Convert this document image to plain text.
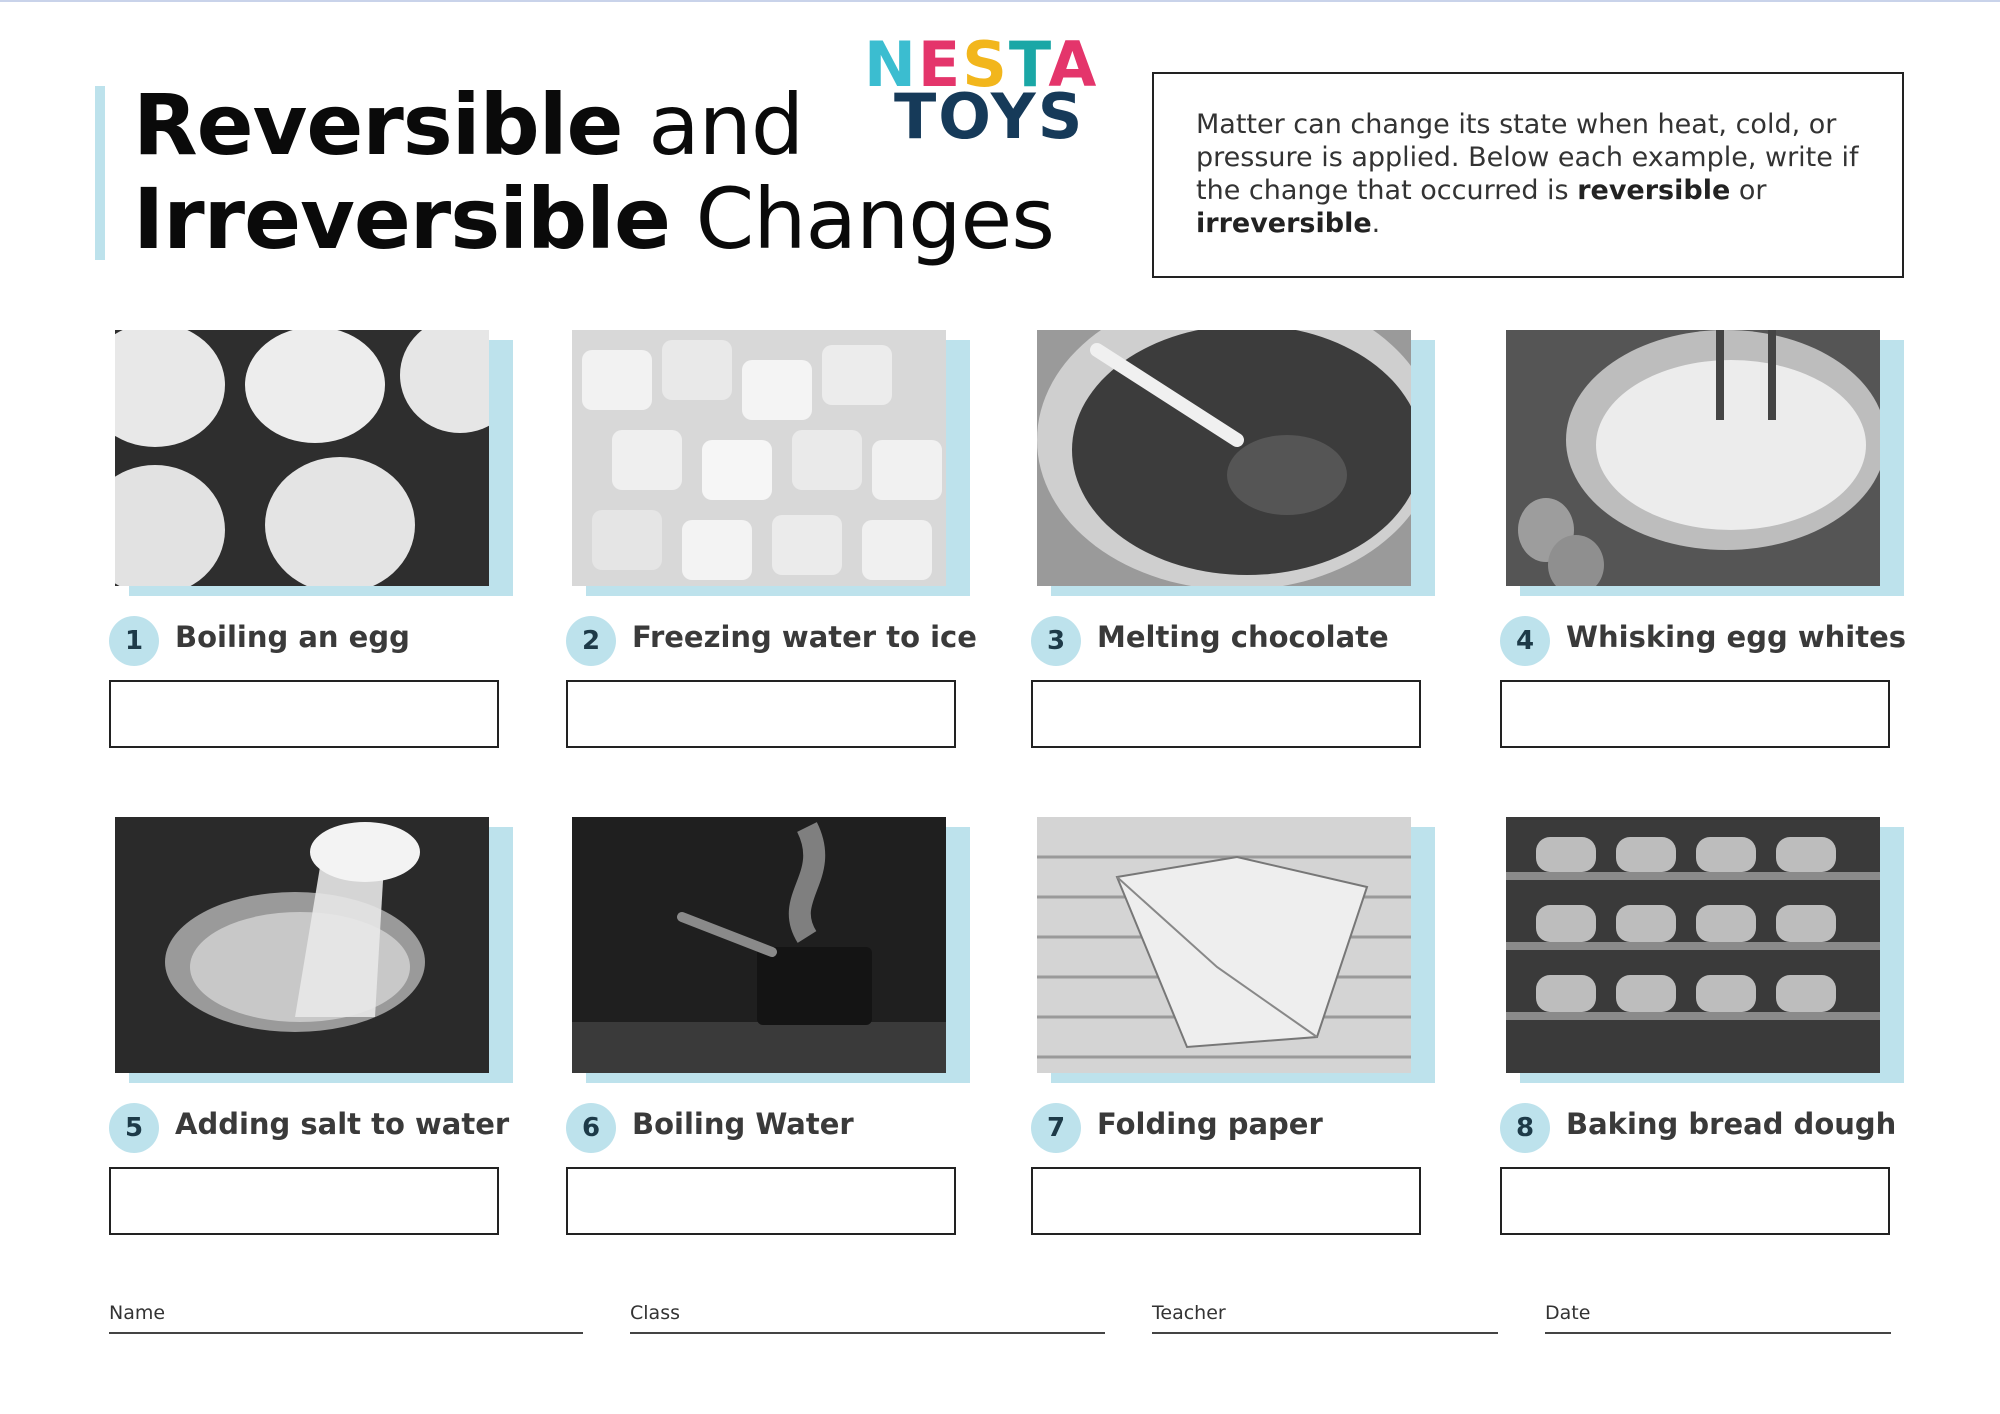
Reversible and
Irreversible Changes
NESTA
TOYS	Matter can change its state when heat, cold, or pressure is applied. Below each example, write if the change that occurred is reversible or irreversible.
1	Boiling an egg	2	Freezing water to ice	3	Melting chocolate	4	Whisking egg whites
5	Adding salt to water	6	Boiling Water	7	Folding paper	8	Baking bread dough
Name	Class	Teacher	Date
